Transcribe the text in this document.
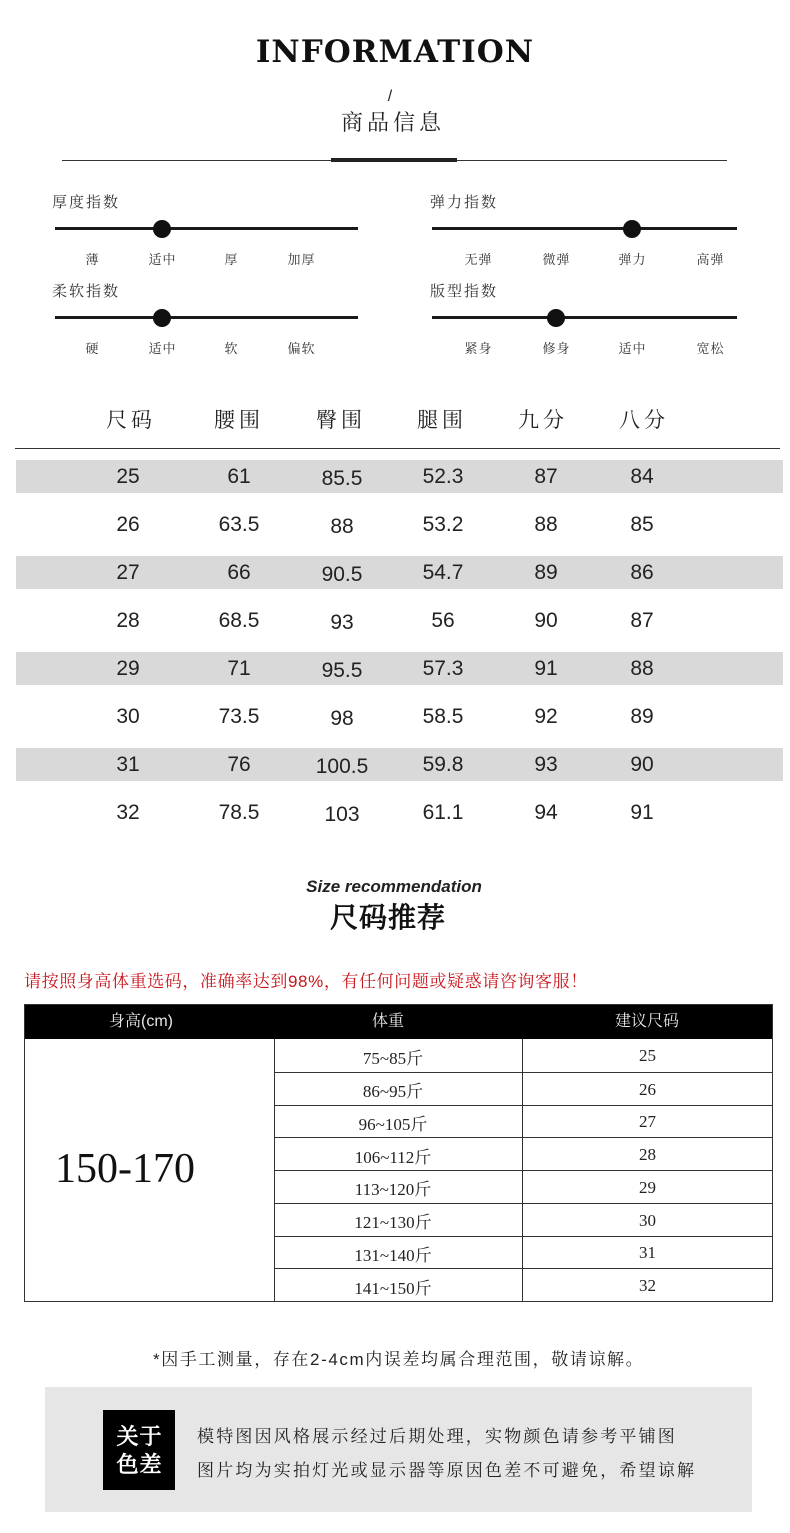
INFORMATION
/
商品信息
厚度指数
薄	适中	厚	加厚
弹力指数
无弹	微弹	弹力	高弹
柔软指数
硬	适中	软	偏软
版型指数
紧身	修身	适中	宽松
尺码	腰围	臀围	腿围	九分	八分
25	61	85.5	52.3	87	84
26	63.5	88	53.2	88	85
27	66	90.5	54.7	89	86
28	68.5	93	56	90	87
29	71	95.5	57.3	91	88
30	73.5	98	58.5	92	89
31	76	100.5	59.8	93	90
32	78.5	103	61.1	94	91
Size recommendation
尺码推荐
请按照身高体重选码，准确率达到98%，有任何问题或疑惑请咨询客服！
身高(cm)	体重	建议尺码
150-170
75~85斤	25
86~95斤	26
96~105斤	27
106~112斤	28
113~120斤	29
121~130斤	30
131~140斤	31
141~150斤	32
*因手工测量，存在2-4cm内误差均属合理范围，敬请谅解。
关于
色差
模特图因风格展示经过后期处理，实物颜色请参考平铺图
图片均为实拍灯光或显示器等原因色差不可避免，希望谅解
